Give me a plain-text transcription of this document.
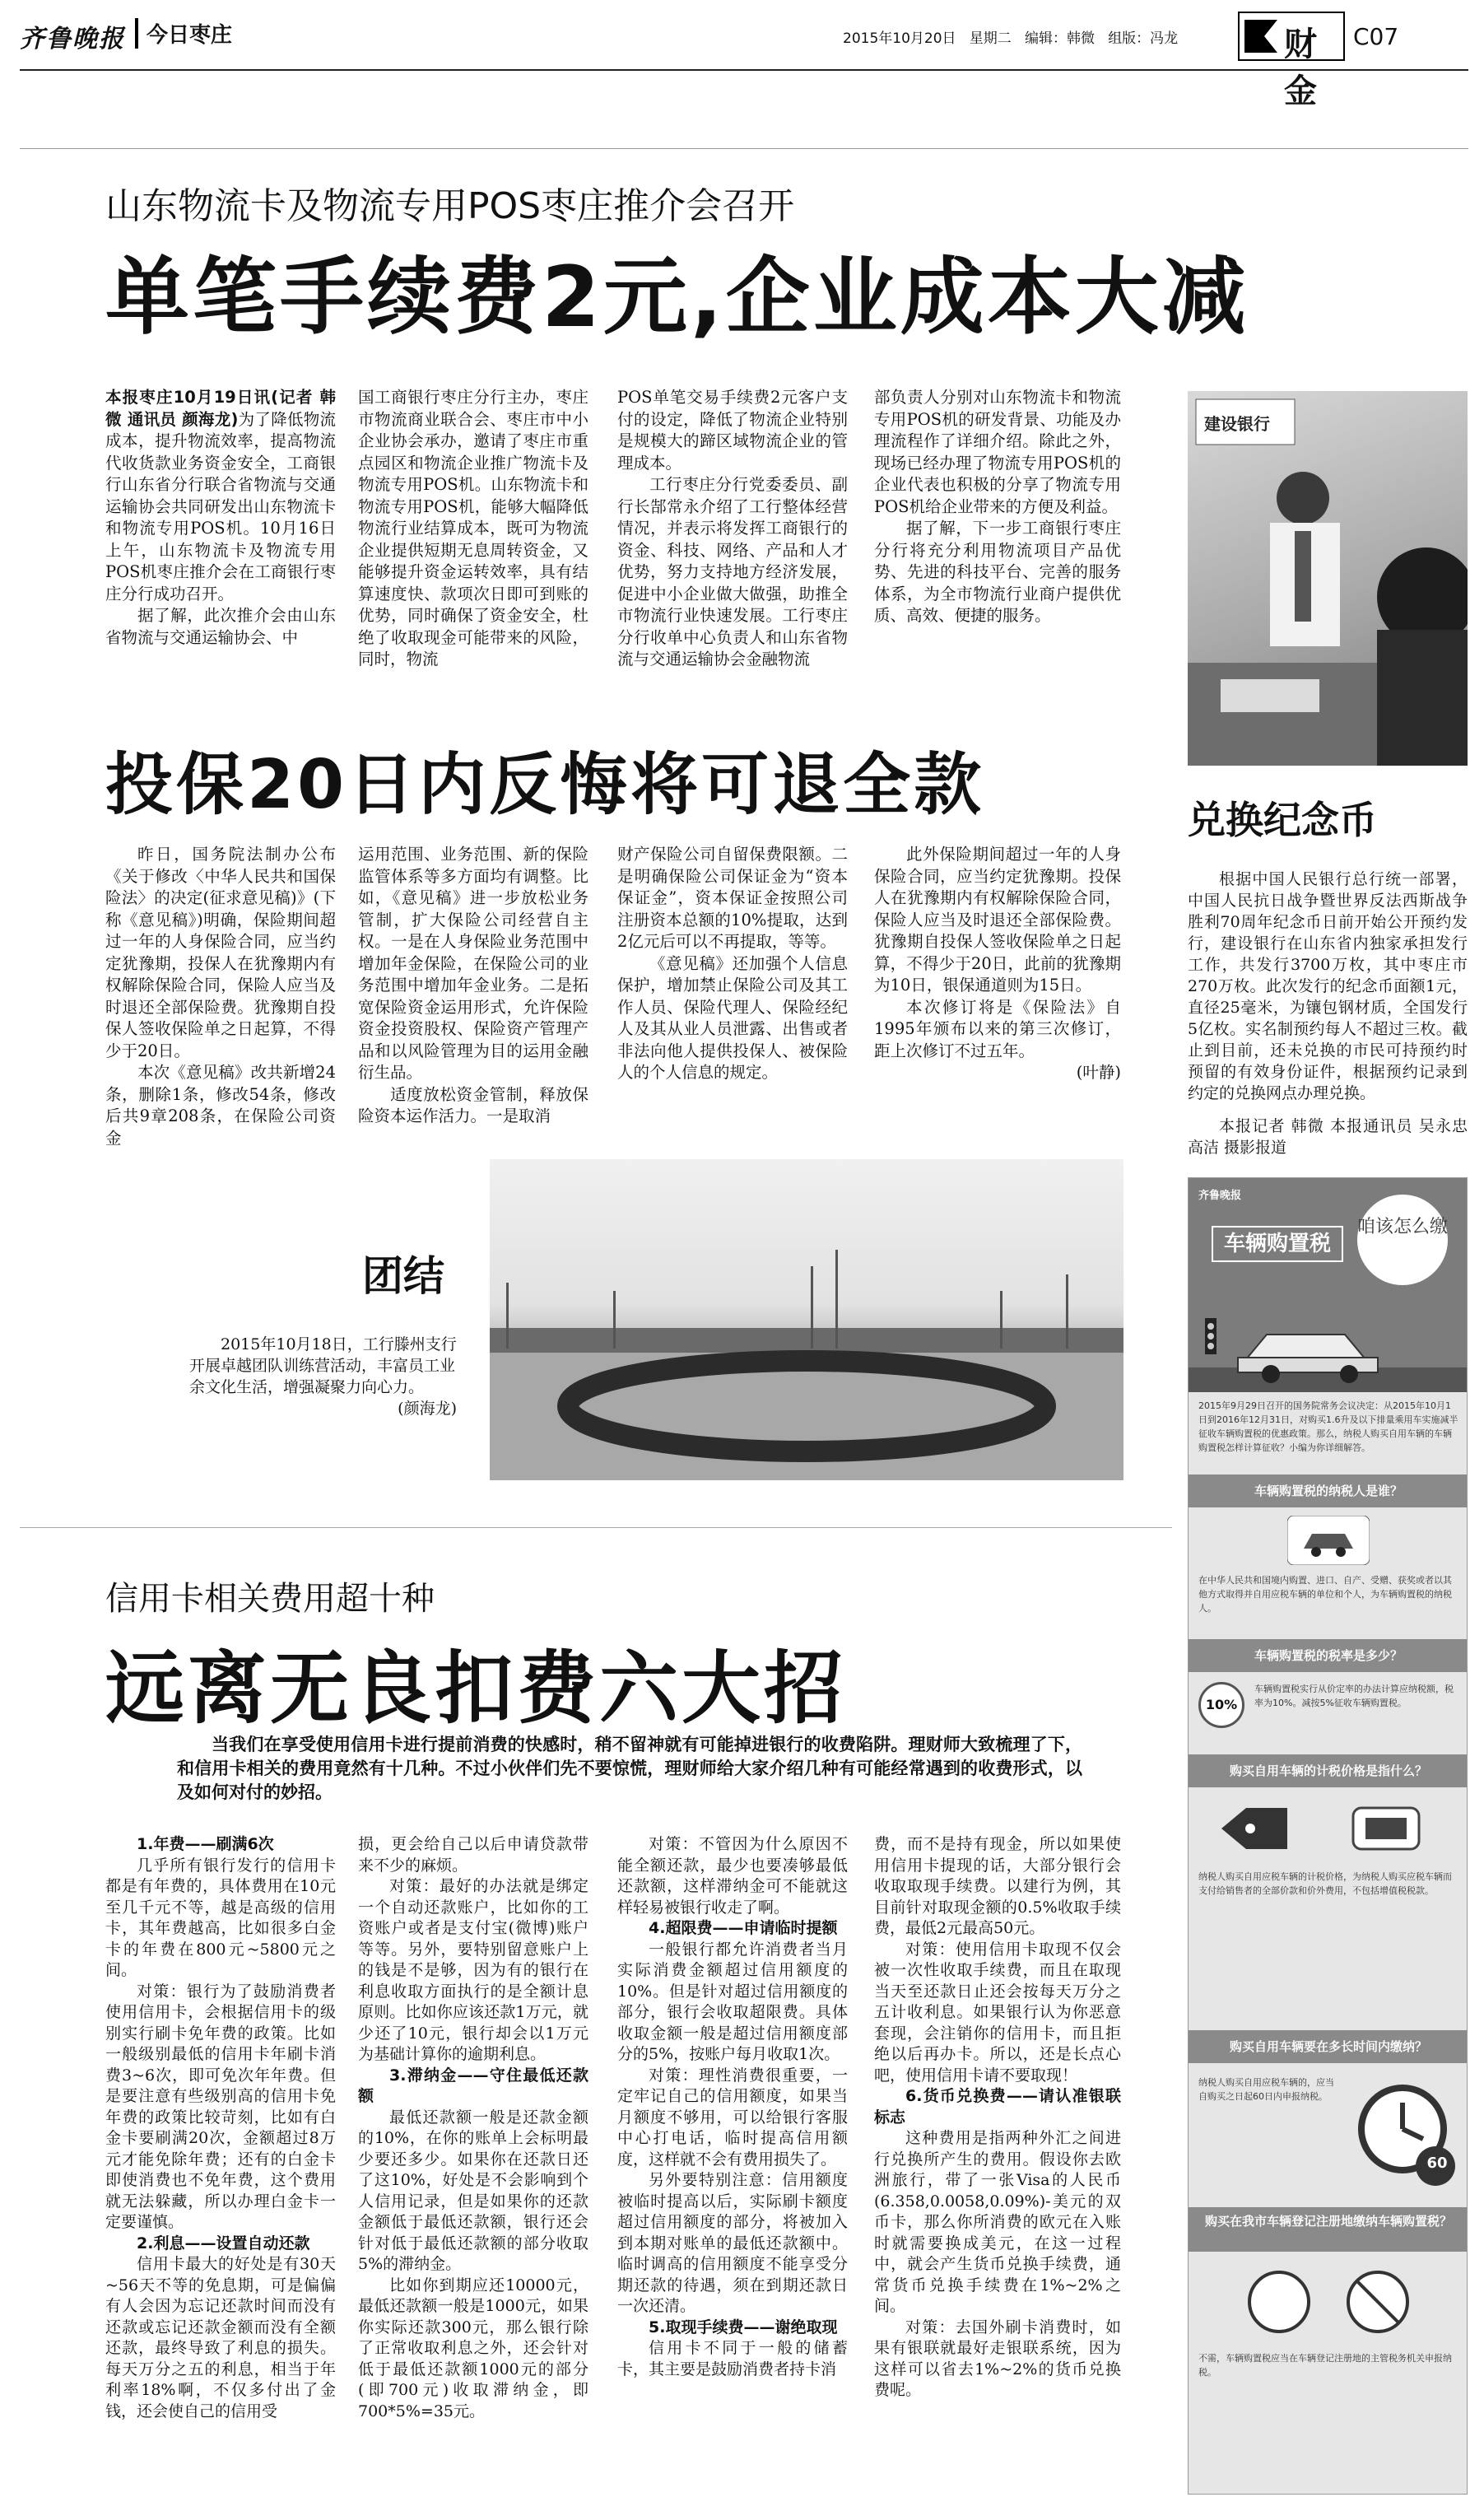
齐鲁晚报	今日枣庄	2015年10月20日 星期二 编辑：韩微 组版：冯龙	财金
C07
山东物流卡及物流专用POS枣庄推介会召开
单笔手续费2元,企业成本大减

本报枣庄10月19日讯(记者 韩微 通讯员 颜海龙)为了降低物流成本，提升物流效率，提高物流代收货款业务资金安全，工商银行山东省分行联合省物流与交通运输协会共同研发出山东物流卡和物流专用POS机。10月16日上午，山东物流卡及物流专用POS机枣庄推介会在工商银行枣庄分行成功召开。

据了解，此次推介会由山东省物流与交通运输协会、中

国工商银行枣庄分行主办，枣庄市物流商业联合会、枣庄市中小企业协会承办，邀请了枣庄市重点园区和物流企业推广物流卡及物流专用POS机。山东物流卡和物流专用POS机，能够大幅降低物流行业结算成本，既可为物流企业提供短期无息周转资金，又能够提升资金运转效率，具有结算速度快、款项次日即可到账的优势，同时确保了资金安全，杜绝了收取现金可能带来的风险，同时，物流

POS单笔交易手续费2元客户支付的设定，降低了物流企业特别是规模大的蹄区域物流企业的管理成本。

工行枣庄分行党委委员、副行长郜常永介绍了工行整体经营情况，并表示将发挥工商银行的资金、科技、网络、产品和人才优势，努力支持地方经济发展，促进中小企业做大做强，助推全市物流行业快速发展。工行枣庄分行收单中心负责人和山东省物流与交通运输协会金融物流

部负责人分别对山东物流卡和物流专用POS机的研发背景、功能及办理流程作了详细介绍。除此之外，现场已经办理了物流专用POS机的企业代表也积极的分享了物流专用POS机给企业带来的方便及利益。

据了解，下一步工商银行枣庄分行将充分利用物流项目产品优势、先进的科技平台、完善的服务体系，为全市物流行业商户提供优质、高效、便捷的服务。

建设银行
投保20日内反悔将可退全款

昨日，国务院法制办公布《关于修改〈中华人民共和国保险法〉的决定(征求意见稿)》(下称《意见稿》)明确，保险期间超过一年的人身保险合同，应当约定犹豫期，投保人在犹豫期内有权解除保险合同，保险人应当及时退还全部保险费。犹豫期自投保人签收保险单之日起算，不得少于20日。

本次《意见稿》改共新增24条，删除1条，修改54条，修改后共9章208条，在保险公司资金

运用范围、业务范围、新的保险监管体系等多方面均有调整。比如，《意见稿》进一步放松业务管制，扩大保险公司经营自主权。一是在人身保险业务范围中增加年金保险，在保险公司的业务范围中增加年金业务。二是拓宽保险资金运用形式，允许保险资金投资股权、保险资产管理产品和以风险管理为目的运用金融衍生品。

适度放松资金管制，释放保险资本运作活力。一是取消

财产保险公司自留保费限额。二是明确保险公司保证金为“资本保证金”，资本保证金按照公司注册资本总额的10%提取，达到2亿元后可以不再提取，等等。

《意见稿》还加强个人信息保护，增加禁止保险公司及其工作人员、保险代理人、保险经纪人及其从业人员泄露、出售或者非法向他人提供投保人、被保险人的个人信息的规定。

此外保险期间超过一年的人身保险合同，应当约定犹豫期。投保人在犹豫期内有权解除保险合同，保险人应当及时退还全部保险费。犹豫期自投保人签收保险单之日起算，不得少于20日，此前的犹豫期为10日，银保通道则为15日。

本次修订将是《保险法》自1995年颁布以来的第三次修订，距上次修订不过五年。

(叶静)

兑换纪念币

根据中国人民银行总行统一部署，中国人民抗日战争暨世界反法西斯战争胜利70周年纪念币日前开始公开预约发行，建设银行在山东省内独家承担发行工作，共发行3700万枚，其中枣庄市270万枚。此次发行的纪念币面额1元，直径25毫米，为镶包钢材质，全国发行5亿枚。实名制预约每人不超过三枚。截止到目前，还未兑换的市民可持预约时预留的有效身份证件，根据预约记录到约定的兑换网点办理兑换。

本报记者 韩微 本报通讯员 吴永忠 高洁 摄影报道

团结
2015年10月18日，工行滕州支行开展卓越团队训练营活动，丰富员工业余文化生活，增强凝聚力向心力。

(颜海龙)
信用卡相关费用超十种
远离无良扣费六大招

当我们在享受使用信用卡进行提前消费的快感时，稍不留神就有可能掉进银行的收费陷阱。理财师大致梳理了下，和信用卡相关的费用竟然有十几种。不过小伙伴们先不要惊慌，理财师给大家介绍几种有可能经常遇到的收费形式，以及如何对付的妙招。

1.年费——刷满6次

几乎所有银行发行的信用卡都是有年费的，具体费用在10元至几千元不等，越是高级的信用卡，其年费越高，比如很多白金卡的年费在800元~5800元之间。

对策：银行为了鼓励消费者使用信用卡，会根据信用卡的级别实行刷卡免年费的政策。比如一般级别最低的信用卡年刷卡消费3~6次，即可免次年年费。但是要注意有些级别高的信用卡免年费的政策比较苛刻，比如有白金卡要刷满20次，金额超过8万元才能免除年费；还有的白金卡即使消费也不免年费，这个费用就无法躲藏，所以办理白金卡一定要谨慎。

2.利息——设置自动还款

信用卡最大的好处是有30天~56天不等的免息期，可是偏偏有人会因为忘记还款时间而没有还款或忘记还款金额而没有全额还款，最终导致了利息的损失。每天万分之五的利息，相当于年利率18%啊，不仅多付出了金钱，还会使自己的信用受

损，更会给自己以后申请贷款带来不少的麻烦。

对策：最好的办法就是绑定一个自动还款账户，比如你的工资账户或者是支付宝(微博)账户等等。另外，要特别留意账户上的钱是不是够，因为有的银行在利息收取方面执行的是全额计息原则。比如你应该还款1万元，就少还了10元，银行却会以1万元为基础计算你的逾期利息。

3.滞纳金——守住最低还款额

最低还款额一般是还款金额的10%，在你的账单上会标明最少要还多少。如果你在还款日还了这10%，好处是不会影响到个人信用记录，但是如果你的还款金额低于最低还款额，银行还会针对低于最低还款额的部分收取5%的滞纳金。

比如你到期应还10000元，最低还款额一般是1000元，如果你实际还款300元，那么银行除了正常收取利息之外，还会针对低于最低还款额1000元的部分(即700元)收取滞纳金，即700*5%=35元。

对策：不管因为什么原因不能全额还款，最少也要凑够最低还款额，这样滞纳金可不能就这样轻易被银行收走了啊。

4.超限费——申请临时提额

一般银行都允许消费者当月实际消费金额超过信用额度的10%。但是针对超过信用额度的部分，银行会收取超限费。具体收取金额一般是超过信用额度部分的5%，按账户每月收取1次。

对策：理性消费很重要，一定牢记自己的信用额度，如果当月额度不够用，可以给银行客服中心打电话，临时提高信用额度，这样就不会有费用损失了。

另外要特别注意：信用额度被临时提高以后，实际刷卡额度超过信用额度的部分，将被加入到本期对账单的最低还款额中。临时调高的信用额度不能享受分期还款的待遇，须在到期还款日一次还清。

5.取现手续费——谢绝取现

信用卡不同于一般的储蓄卡，其主要是鼓励消费者持卡消

费，而不是持有现金，所以如果使用信用卡提现的话，大部分银行会收取取现手续费。以建行为例，其目前针对取现金额的0.5%收取手续费，最低2元最高50元。

对策：使用信用卡取现不仅会被一次性收取手续费，而且在取现当天至还款日止还会按每天万分之五计收利息。如果银行认为你恶意套现，会注销你的信用卡，而且拒绝以后再办卡。所以，还是长点心吧，使用信用卡请不要取现！

6.货币兑换费——请认准银联标志

这种费用是指两种外汇之间进行兑换所产生的费用。假设你去欧洲旅行，带了一张Visa的人民币(6.358,0.0058,0.09%)-美元的双币卡，那么你所消费的欧元在入账时就需要换成美元，在这一过程中，就会产生货币兑换手续费，通常货币兑换手续费在1%~2%之间。

对策：去国外刷卡消费时，如果有银联就最好走银联系统，因为这样可以省去1%~2%的货币兑换费呢。

齐鲁晚报
车辆购置税
咱该怎么缴
2015年9月29日召开的国务院常务会议决定：从2015年10月1日到2016年12月31日，对购买1.6升及以下排量乘用车实施减半征收车辆购置税的优惠政策。那么，纳税人购买自用车辆的车辆购置税怎样计算征收？小编为你详细解答。
车辆购置税的纳税人是谁？
在中华人民共和国境内购置、进口、自产、受赠、获奖或者以其他方式取得并自用应税车辆的单位和个人，为车辆购置税的纳税人。
车辆购置税的税率是多少？
10%
车辆购置税实行从价定率的办法计算应纳税额，税率为10%。减按5%征收车辆购置税。
购买自用车辆的计税价格是指什么？
纳税人购买自用应税车辆的计税价格，为纳税人购买应税车辆而支付给销售者的全部价款和价外费用，不包括增值税税款。
购买自用车辆要在多长时间内缴纳？
纳税人购买自用应税车辆的，应当自购买之日起60日内申报纳税。
60
购买在我市车辆登记注册地缴纳车辆购置税？
不需，车辆购置税应当在车辆登记注册地的主管税务机关申报纳税。
